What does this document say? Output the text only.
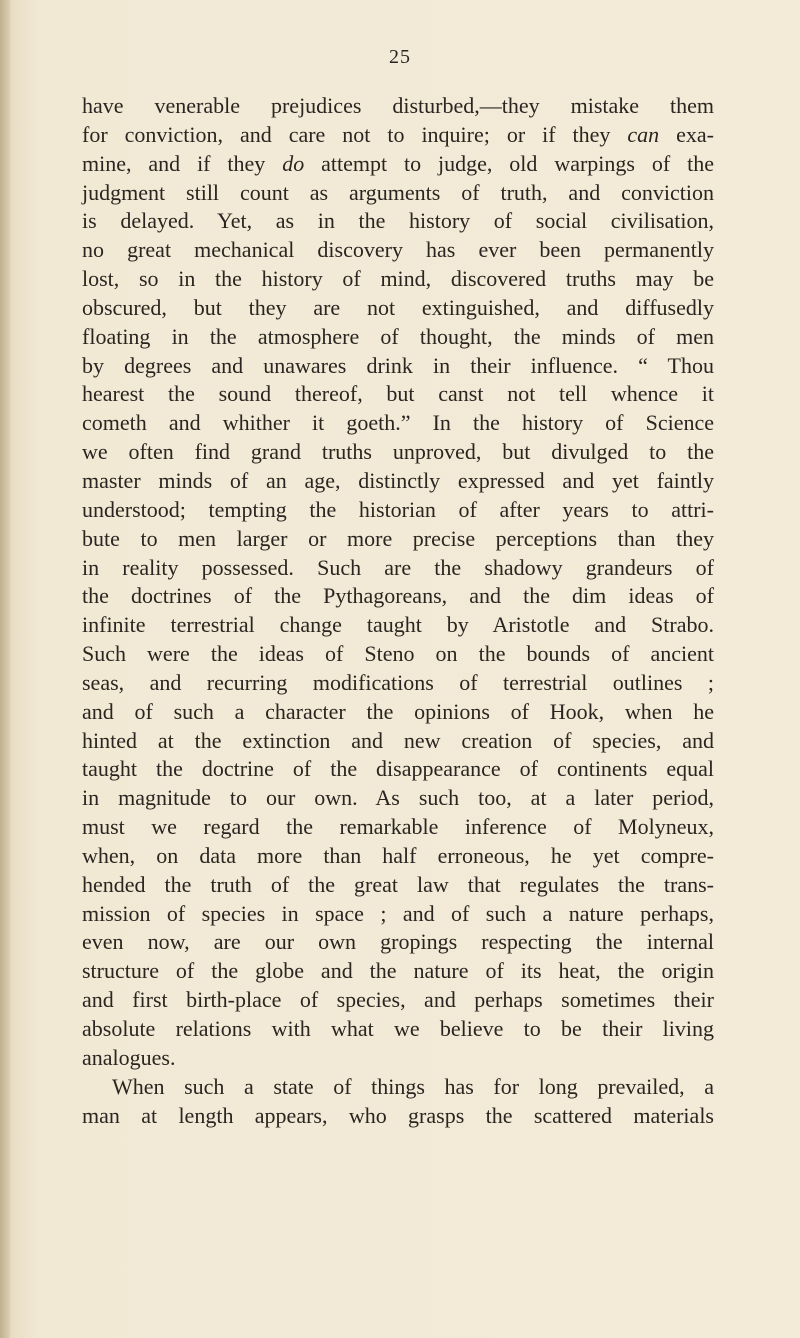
25
have venerable prejudices disturbed,—they mistake them
for conviction, and care not to inquire; or if they can exa-
mine, and if they do attempt to judge, old warpings of the
judgment still count as arguments of truth, and conviction
is delayed. Yet, as in the history of social civilisation,
no great mechanical discovery has ever been permanently
lost, so in the history of mind, discovered truths may be
obscured, but they are not extinguished, and diffusedly
floating in the atmosphere of thought, the minds of men
by degrees and unawares drink in their influence. “ Thou
hearest the sound thereof, but canst not tell whence it
cometh and whither it goeth.” In the history of Science
we often find grand truths unproved, but divulged to the
master minds of an age, distinctly expressed and yet faintly
understood; tempting the historian of after years to attri-
bute to men larger or more precise perceptions than they
in reality possessed. Such are the shadowy grandeurs of
the doctrines of the Pythagoreans, and the dim ideas of
infinite terrestrial change taught by Aristotle and Strabo.
Such were the ideas of Steno on the bounds of ancient
seas, and recurring modifications of terrestrial outlines ;
and of such a character the opinions of Hook, when he
hinted at the extinction and new creation of species, and
taught the doctrine of the disappearance of continents equal
in magnitude to our own. As such too, at a later period,
must we regard the remarkable inference of Molyneux,
when, on data more than half erroneous, he yet compre-
hended the truth of the great law that regulates the trans-
mission of species in space ; and of such a nature perhaps,
even now, are our own gropings respecting the internal
structure of the globe and the nature of its heat, the origin
and first birth-place of species, and perhaps sometimes their
absolute relations with what we believe to be their living
analogues.
When such a state of things has for long prevailed, a
man at length appears, who grasps the scattered materials
